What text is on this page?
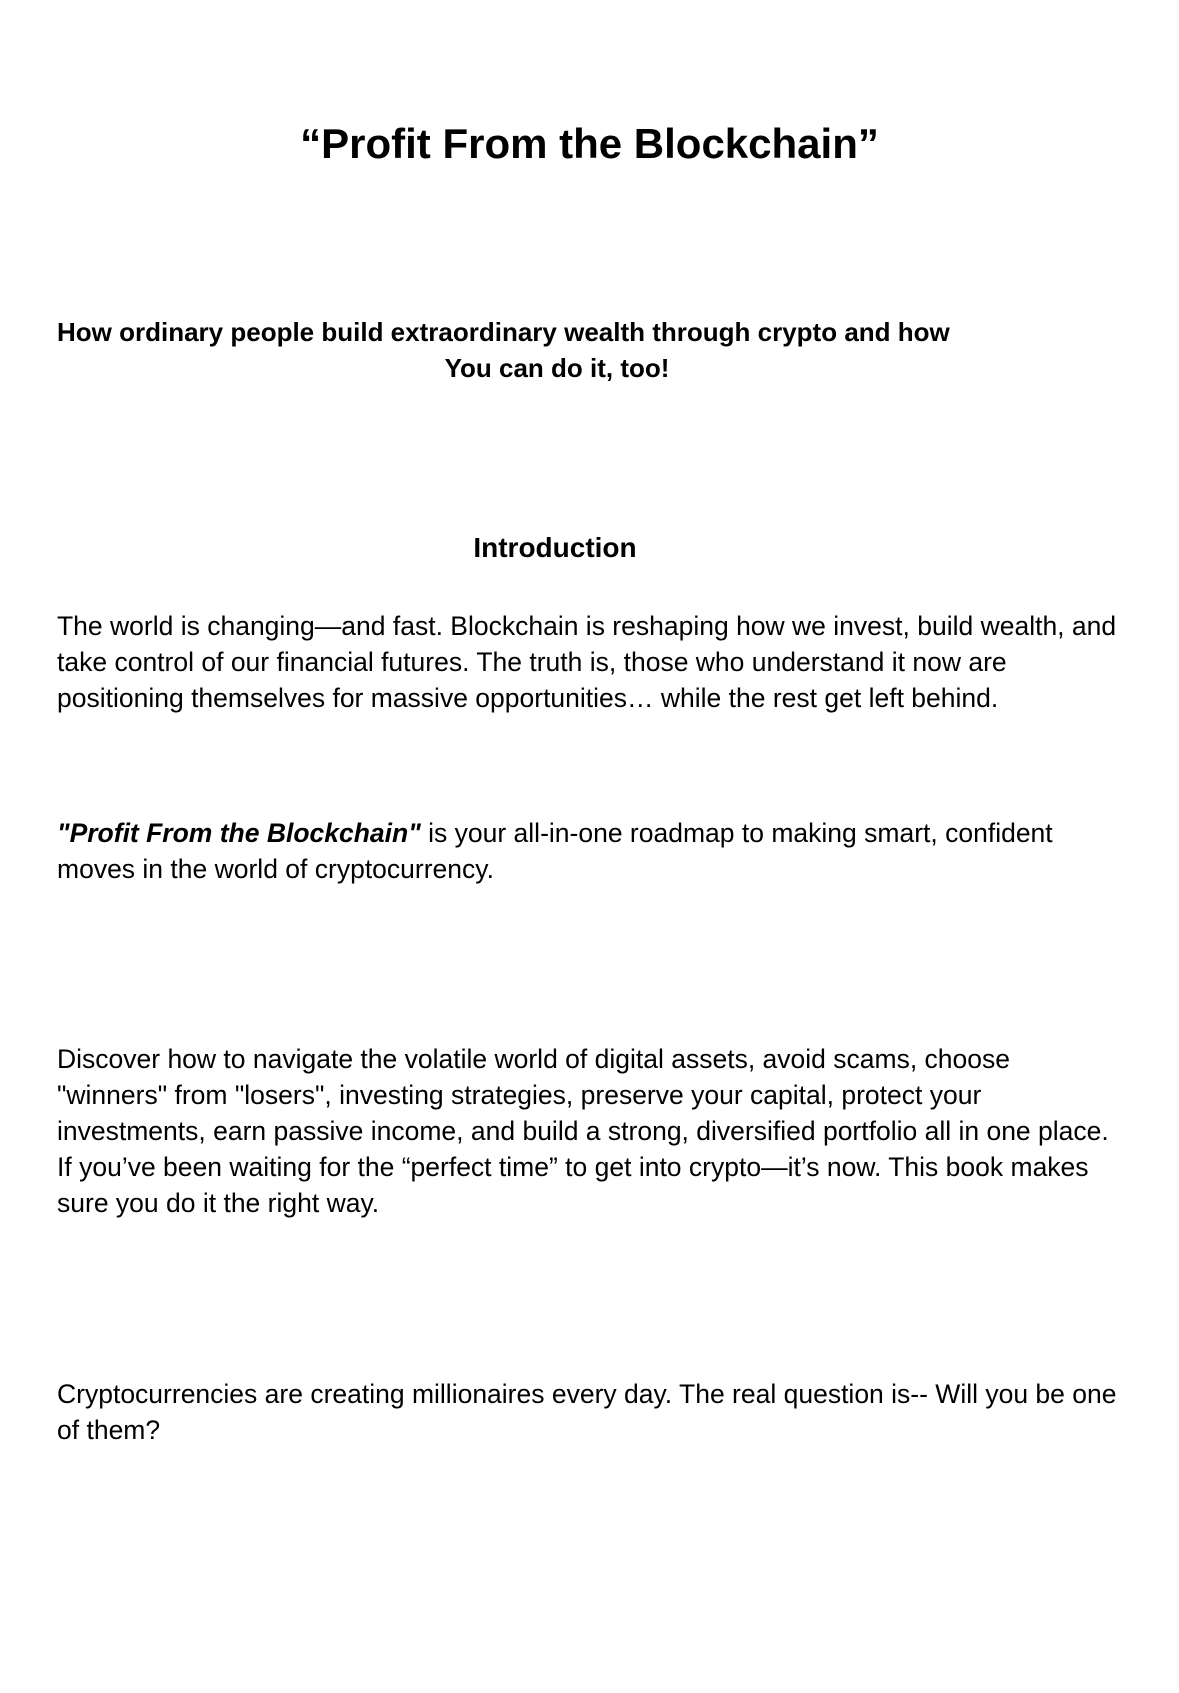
“Profit From the Blockchain”
How ordinary people build extraordinary wealth through crypto and how
You can do it, too!
Introduction

The world is changing—and fast. Blockchain is reshaping how we invest, build wealth, and take control of our financial futures. The truth is, those who understand it now are positioning themselves for massive opportunities… while the rest get left behind.

"Profit From the Blockchain" is your all-in-one roadmap to making smart, confident moves in the world of cryptocurrency.

Discover how to navigate the volatile world of digital assets, avoid scams, choose "winners" from "losers", investing strategies, preserve your capital, protect your investments, earn passive income, and build a strong, diversified portfolio all in one place. If you’ve been waiting for the “perfect time” to get into crypto—it’s now. This book makes sure you do it the right way.

Cryptocurrencies are creating millionaires every day. The real question is-- Will you be one of them?
